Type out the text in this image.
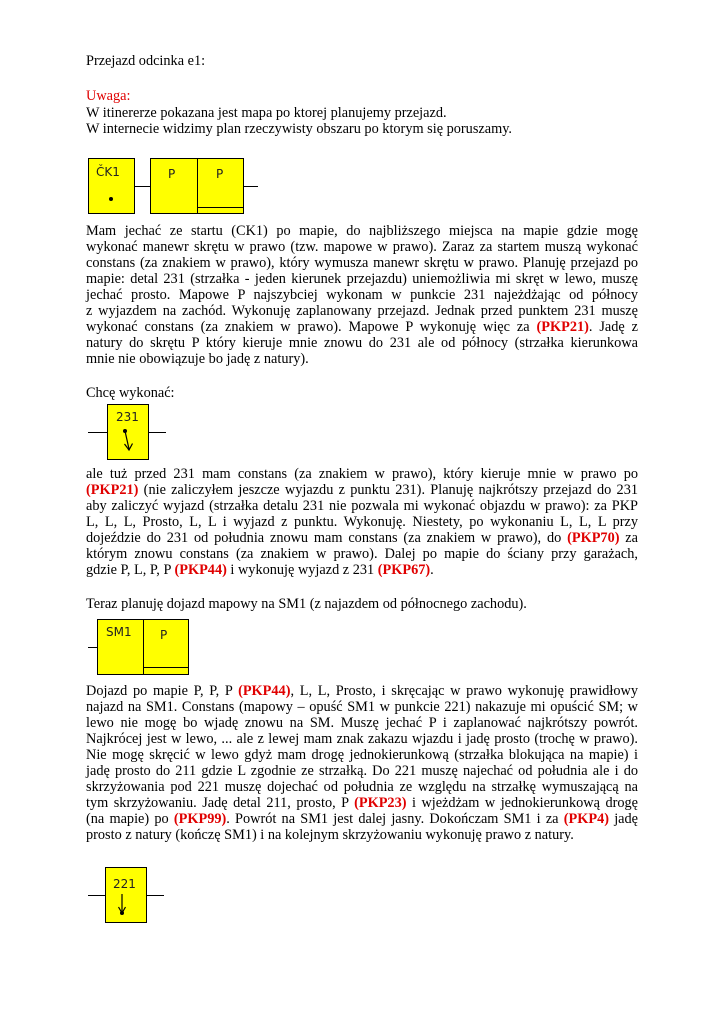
Przejazd odcinka e1:
Uwaga:
W itinererze pokazana jest mapa po ktorej planujemy przejazd.
W internecie widzimy plan rzeczywisty obszaru po ktorym się poruszamy.
ČK1	P	P
Mam jechać ze startu (CK1) po mapie, do najbliższego miejsca na mapie gdzie mogę
wykonać manewr skrętu w prawo (tzw. mapowe w prawo). Zaraz za startem muszą wykonać
constans (za znakiem w prawo), który wymusza manewr skrętu w prawo. Planuję przejazd po
mapie: detal 231 (strzałka - jeden kierunek przejazdu) uniemożliwia mi skręt w lewo, muszę
jechać prosto. Mapowe P najszybciej wykonam w punkcie 231 najeżdżając od północy
z wyjazdem na zachód. Wykonuję zaplanowany przejazd. Jednak przed punktem 231 muszę
wykonać constans (za znakiem w prawo). Mapowe P wykonuję więc za (PKP21). Jadę z
natury do skrętu P który kieruje mnie znowu do 231 ale od północy (strzałka kierunkowa
mnie nie obowiązuje bo jadę z natury).
Chcę wykonać:
231
ale tuż przed 231 mam constans (za znakiem w prawo), który kieruje mnie w prawo po
(PKP21) (nie zaliczyłem jeszcze wyjazdu z punktu 231). Planuję najkrótszy przejazd do 231
aby zaliczyć wyjazd (strzałka detalu 231 nie pozwala mi wykonać objazdu w prawo): za PKP
L, L, L, Prosto, L, L i wyjazd z punktu. Wykonuję. Niestety, po wykonaniu L, L, L przy
dojeździe do 231 od południa znowu mam constans (za znakiem w prawo), do (PKP70) za
którym znowu constans (za znakiem w prawo). Dalej po mapie do ściany przy garażach,
gdzie P, L, P, P (PKP44) i wykonuję wyjazd z 231 (PKP67).
Teraz planuję dojazd mapowy na SM1 (z najazdem od północnego zachodu).
SM1 P
Dojazd po mapie P, P, P (PKP44), L, L, Prosto, i skręcając w prawo wykonuję prawidłowy
najazd na SM1. Constans (mapowy – opuść SM1 w punkcie 221) nakazuje mi opuścić SM; w
lewo nie mogę bo wjadę znowu na SM. Muszę jechać P i zaplanować najkrótszy powrót.
Najkrócej jest w lewo, ... ale z lewej mam znak zakazu wjazdu i jadę prosto (trochę w prawo).
Nie mogę skręcić w lewo gdyż mam drogę jednokierunkową (strzałka blokująca na mapie) i
jadę prosto do 211 gdzie L zgodnie ze strzałką. Do 221 muszę najechać od południa ale i do
skrzyżowania pod 221 muszę dojechać od południa ze względu na strzałkę wymuszającą na
tym skrzyżowaniu. Jadę detal 211, prosto, P (PKP23) i wjeżdżam w jednokierunkową drogę
(na mapie) po (PKP99). Powrót na SM1 jest dalej jasny. Dokończam SM1 i za (PKP4) jadę
prosto z natury (kończę SM1) i na kolejnym skrzyżowaniu wykonuję prawo z natury.
221
